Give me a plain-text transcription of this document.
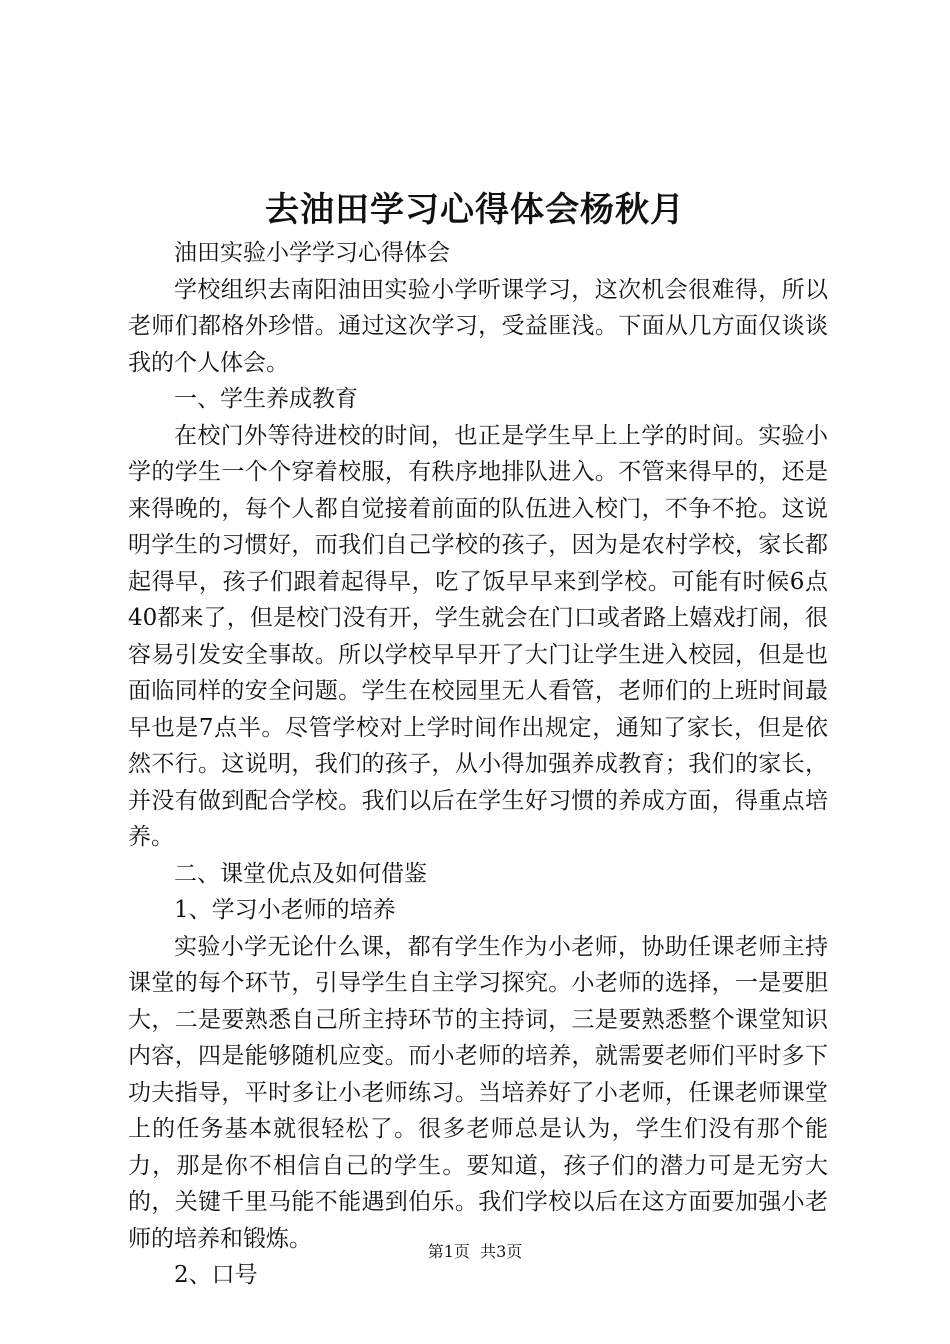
去油田学习心得体会杨秋月

油田实验小学学习心得体会

学校组织去南阳油田实验小学听课学习，这次机会很难得，所以老师们都格外珍惜。通过这次学习，受益匪浅。下面从几方面仅谈谈我的个人体会。

一、学生养成教育

在校门外等待进校的时间，也正是学生早上上学的时间。实验小学的学生一个个穿着校服，有秩序地排队进入。不管来得早的，还是来得晚的，每个人都自觉接着前面的队伍进入校门，不争不抢。这说明学生的习惯好，而我们自己学校的孩子，因为是农村学校，家长都起得早，孩子们跟着起得早，吃了饭早早来到学校。可能有时候6点40都来了，但是校门没有开，学生就会在门口或者路上嬉戏打闹，很容易引发安全事故。所以学校早早开了大门让学生进入校园，但是也面临同样的安全问题。学生在校园里无人看管，老师们的上班时间最早也是7点半。尽管学校对上学时间作出规定，通知了家长，但是依然不行。这说明，我们的孩子，从小得加强养成教育；我们的家长，并没有做到配合学校。我们以后在学生好习惯的养成方面，得重点培养。

二、课堂优点及如何借鉴

1、学习小老师的培养

实验小学无论什么课，都有学生作为小老师，协助任课老师主持课堂的每个环节，引导学生自主学习探究。小老师的选择，一是要胆大，二是要熟悉自己所主持环节的主持词，三是要熟悉整个课堂知识内容，四是能够随机应变。而小老师的培养，就需要老师们平时多下功夫指导，平时多让小老师练习。当培养好了小老师，任课老师课堂上的任务基本就很轻松了。很多老师总是认为，学生们没有那个能力，那是你不相信自己的学生。要知道，孩子们的潜力可是无穷大的，关键千里马能不能遇到伯乐。我们学校以后在这方面要加强小老师的培养和锻炼。

2、口号

第1页 共3页
